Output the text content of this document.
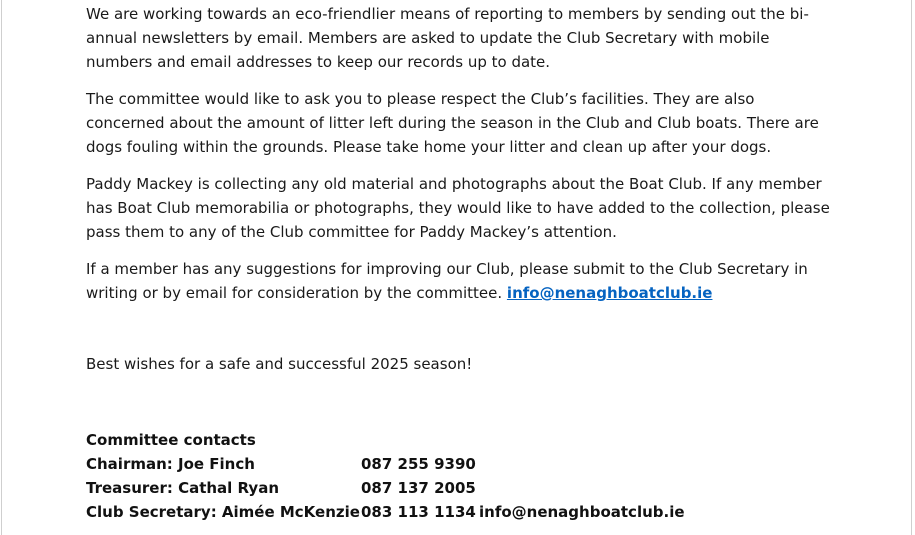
We are working towards an eco-friendlier means of reporting to members by sending out the bi-annual newsletters by email. Members are asked to update the Club Secretary with mobile numbers and email addresses to keep our records up to date.
The committee would like to ask you to please respect the Club’s facilities. They are also concerned about the amount of litter left during the season in the Club and Club boats. There are dogs fouling within the grounds. Please take home your litter and clean up after your dogs.
Paddy Mackey is collecting any old material and photographs about the Boat Club. If any member has Boat Club memorabilia or photographs, they would like to have added to the collection, please pass them to any of the Club committee for Paddy Mackey’s attention.
If a member has any suggestions for improving our Club, please submit to the Club Secretary in writing or by email for consideration by the committee. info@nenaghboatclub.ie
Best wishes for a safe and successful 2025 season!
Committee contacts
Chairman: Joe Finch	087 255 9390
Treasurer: Cathal Ryan	087 137 2005
Club Secretary: Aimée McKenzie 083 113 1134 info@nenaghboatclub.ie
